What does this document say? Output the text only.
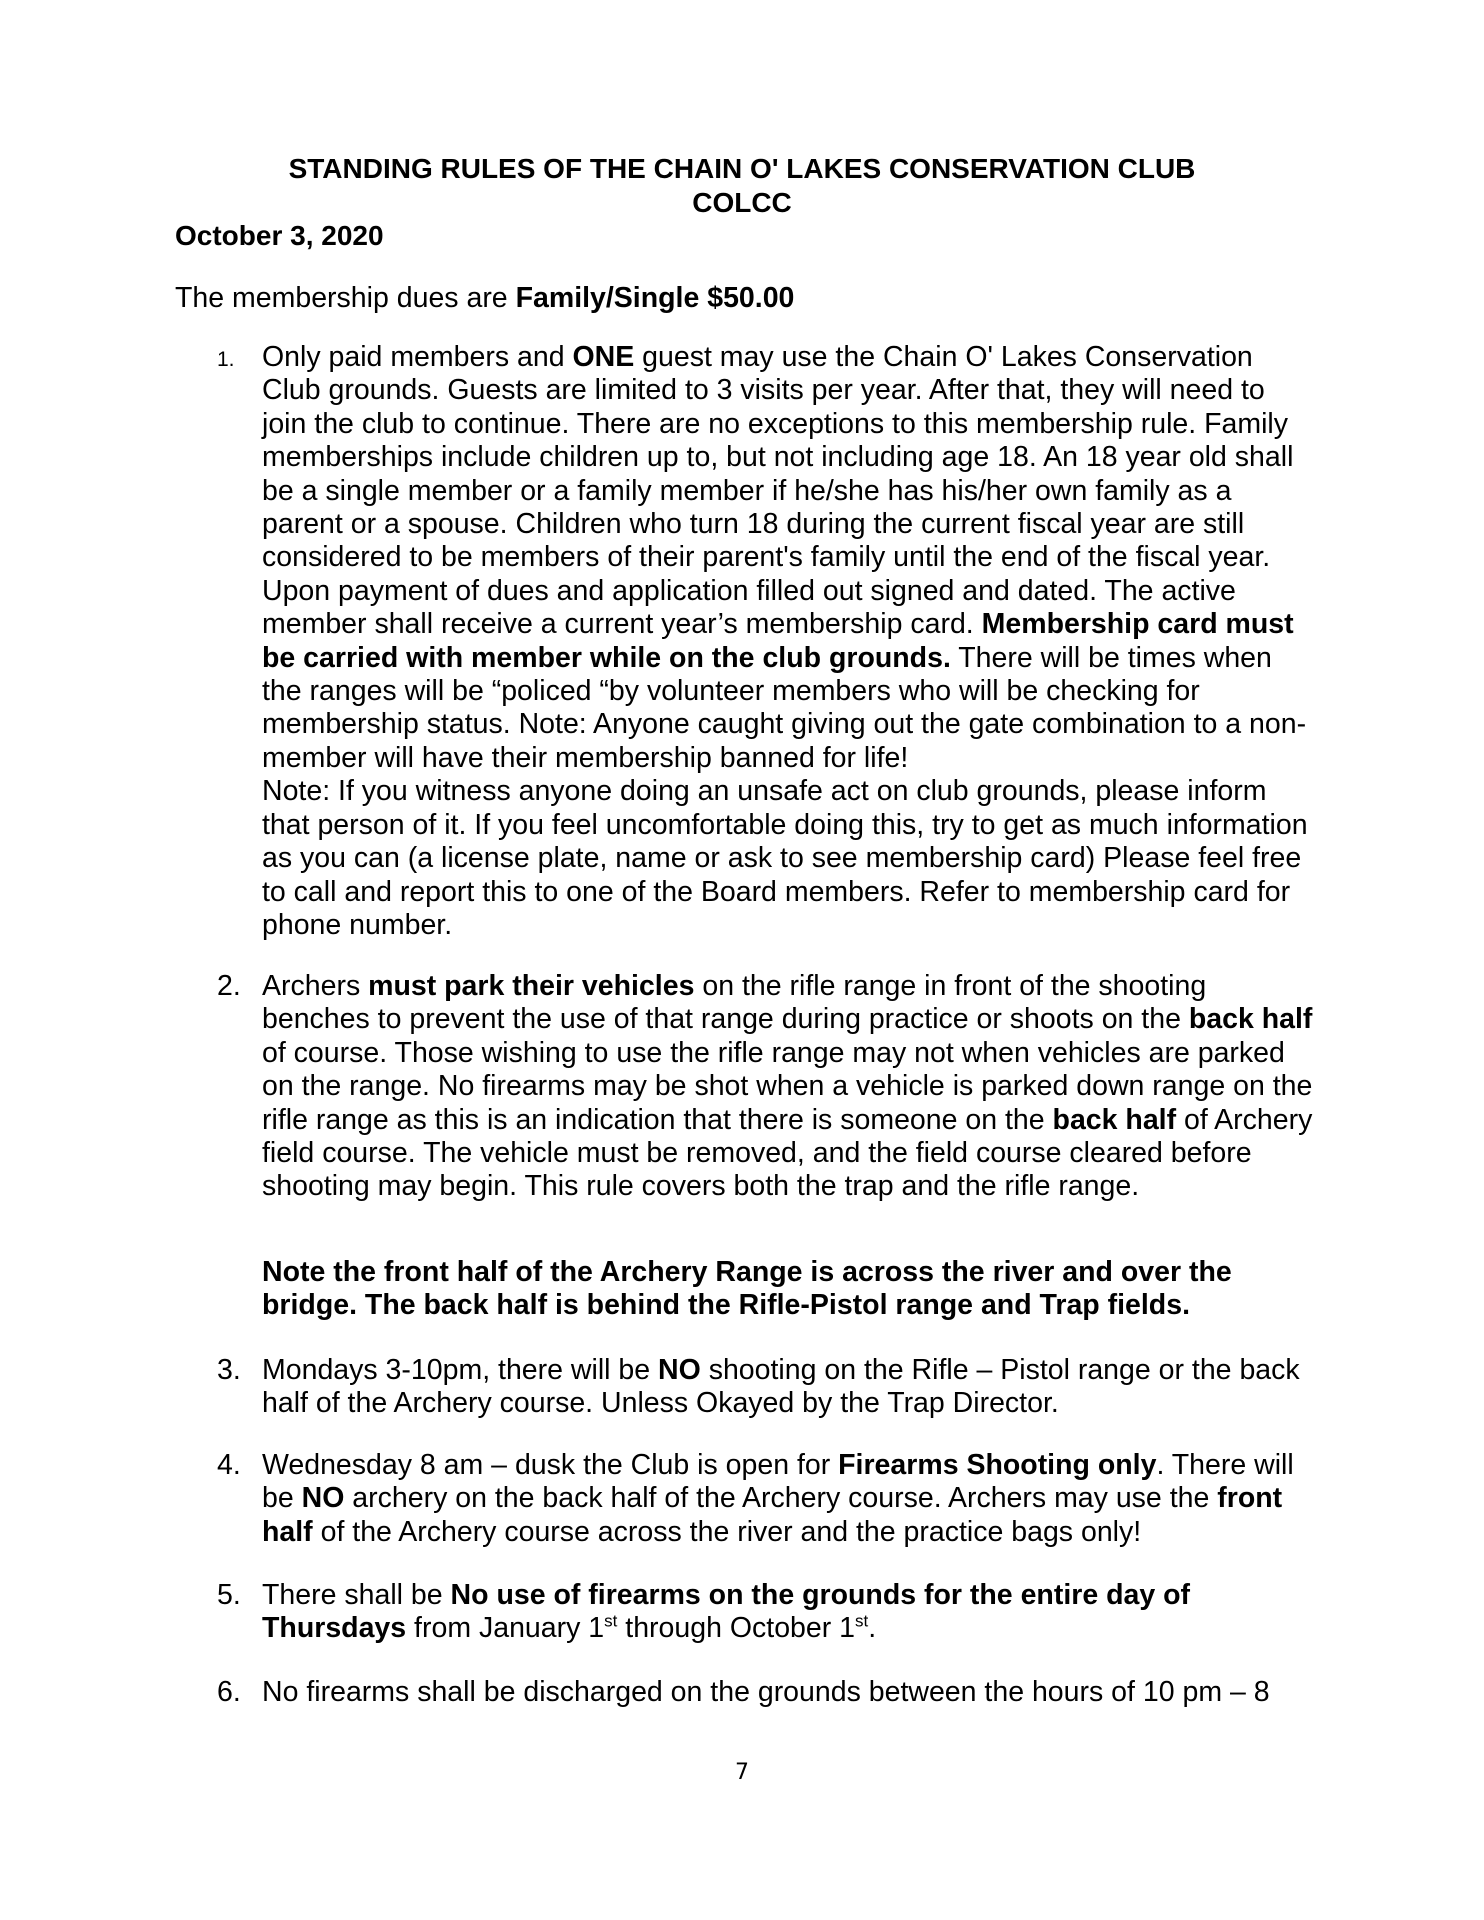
STANDING RULES OF THE CHAIN O' LAKES CONSERVATION CLUB
COLCC
October 3, 2020
The membership dues are Family/Single $50.00
1. Only paid members and ONE guest may use the Chain O' Lakes Conservation Club grounds. Guests are limited to 3 visits per year. After that, they will need to join the club to continue. There are no exceptions to this membership rule. Family memberships include children up to, but not including age 18. An 18 year old shall be a single member or a family member if he/she has his/her own family as a parent or a spouse. Children who turn 18 during the current fiscal year are still considered to be members of their parent's family until the end of the fiscal year. Upon payment of dues and application filled out signed and dated. The active member shall receive a current year’s membership card. Membership card must be carried with member while on the club grounds. There will be times when the ranges will be “policed “by volunteer members who will be checking for membership status. Note: Anyone caught giving out the gate combination to a non-member will have their membership banned for life!
Note: If you witness anyone doing an unsafe act on club grounds, please inform that person of it. If you feel uncomfortable doing this, try to get as much information as you can (a license plate, name or ask to see membership card) Please feel free to call and report this to one of the Board members. Refer to membership card for phone number.
2. Archers must park their vehicles on the rifle range in front of the shooting benches to prevent the use of that range during practice or shoots on the back half of course. Those wishing to use the rifle range may not when vehicles are parked on the range. No firearms may be shot when a vehicle is parked down range on the rifle range as this is an indication that there is someone on the back half of Archery field course. The vehicle must be removed, and the field course cleared before shooting may begin. This rule covers both the trap and the rifle range.
Note the front half of the Archery Range is across the river and over the bridge. The back half is behind the Rifle-Pistol range and Trap fields.
3. Mondays 3-10pm, there will be NO shooting on the Rifle – Pistol range or the back half of the Archery course. Unless Okayed by the Trap Director.
4. Wednesday 8 am – dusk the Club is open for Firearms Shooting only. There will be NO archery on the back half of the Archery course. Archers may use the front half of the Archery course across the river and the practice bags only!
5. There shall be No use of firearms on the grounds for the entire day of Thursdays from January 1st through October 1st.
6. No firearms shall be discharged on the grounds between the hours of 10 pm – 8
7
